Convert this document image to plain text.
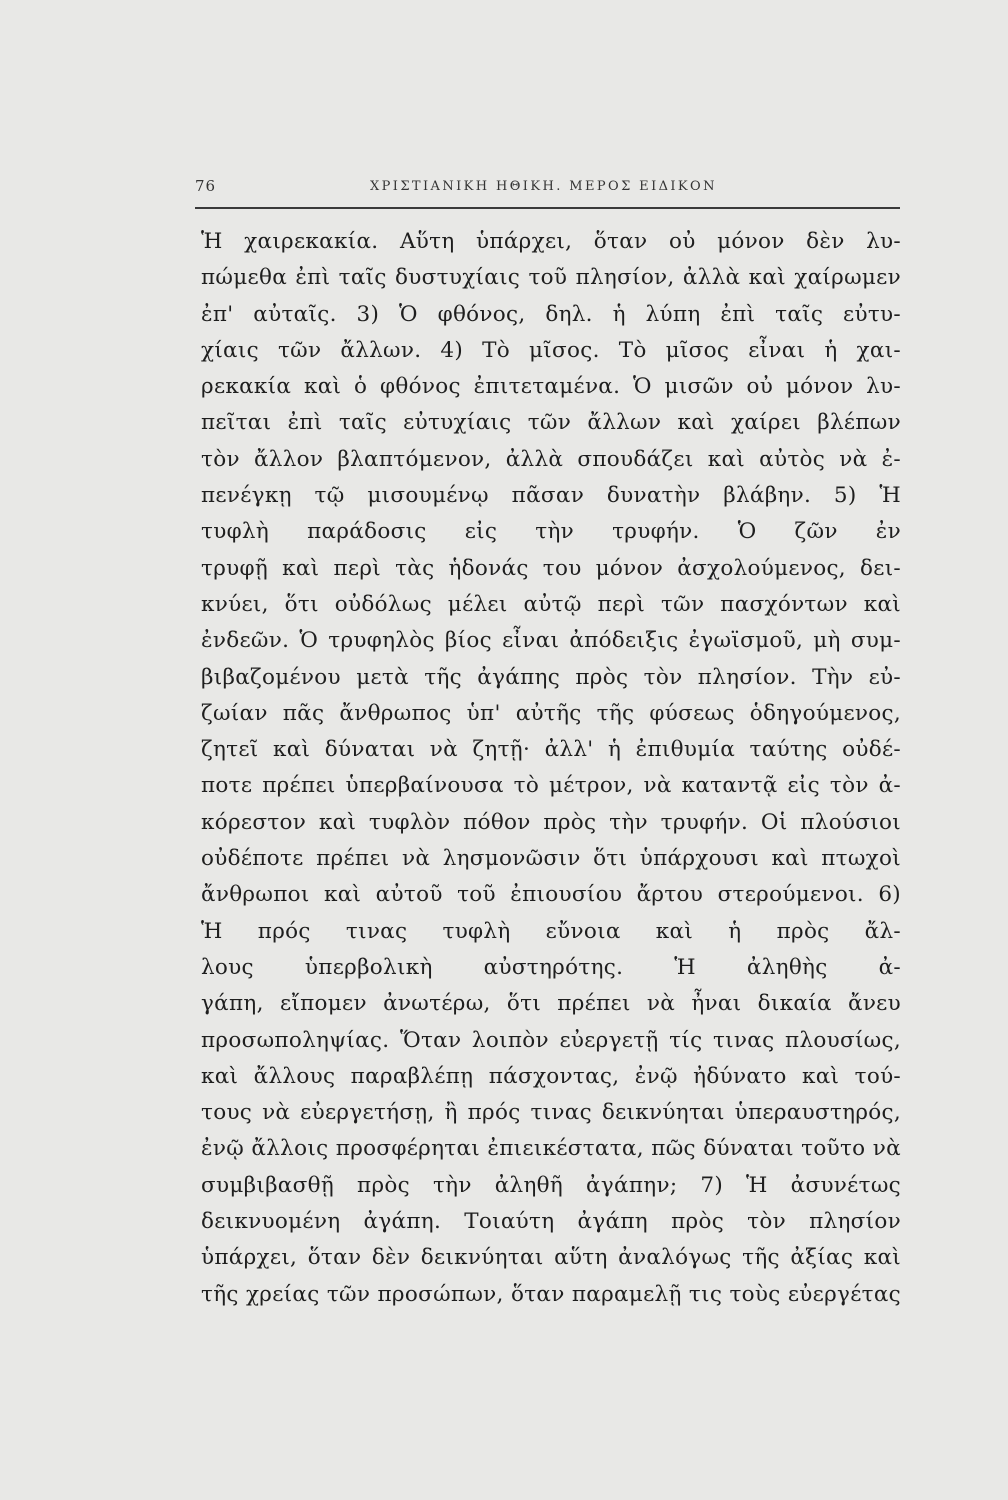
76	ΧΡΙΣΤΙΑΝΙΚΗ ΗΘΙΚΗ. ΜΕΡΟΣ ΕΙΔΙΚΟΝ
Ἡ χαιρεκακία. Αὕτη ὑπάρχει, ὅταν οὐ μόνον δὲν λυ-
πώμεθα ἐπὶ ταῖς δυστυχίαις τοῦ πλησίον, ἀλλὰ καὶ χαίρωμεν
ἐπ' αὐταῖς. 3) Ὁ φθόνος, δηλ. ἡ λύπη ἐπὶ ταῖς εὐτυ-
χίαις τῶν ἄλλων. 4) Τὸ μῖσος. Τὸ μῖσος εἶναι ἡ χαι-
ρεκακία καὶ ὁ φθόνος ἐπιτεταμένα. Ὁ μισῶν οὐ μόνον λυ-
πεῖται ἐπὶ ταῖς εὐτυχίαις τῶν ἄλλων καὶ χαίρει βλέπων
τὸν ἄλλον βλαπτόμενον, ἀλλὰ σπουδάζει καὶ αὐτὸς νὰ ἐ-
πενέγκῃ τῷ μισουμένῳ πᾶσαν δυνατὴν βλάβην. 5) Ἡ
τυφλὴ παράδοσις εἰς τὴν τρυφήν. Ὁ ζῶν ἐν
τρυφῇ καὶ περὶ τὰς ἡδονάς του μόνον ἀσχολούμενος, δει-
κνύει, ὅτι οὐδόλως μέλει αὐτῷ περὶ τῶν πασχόντων καὶ
ἐνδεῶν. Ὁ τρυφηλὸς βίος εἶναι ἀπόδειξις ἐγωϊσμοῦ, μὴ συμ-
βιβαζομένου μετὰ τῆς ἀγάπης πρὸς τὸν πλησίον. Τὴν εὐ-
ζωίαν πᾶς ἄνθρωπος ὑπ' αὐτῆς τῆς φύσεως ὁδηγούμενος,
ζητεῖ καὶ δύναται νὰ ζητῇ· ἀλλ' ἡ ἐπιθυμία ταύτης οὐδέ-
ποτε πρέπει ὑπερβαίνουσα τὸ μέτρον, νὰ καταντᾷ εἰς τὸν ἀ-
κόρεστον καὶ τυφλὸν πόθον πρὸς τὴν τρυφήν. Οἱ πλούσιοι
οὐδέποτε πρέπει νὰ λησμονῶσιν ὅτι ὑπάρχουσι καὶ πτωχοὶ
ἄνθρωποι καὶ αὐτοῦ τοῦ ἐπιουσίου ἄρτου στερούμενοι. 6)
Ἡ πρός τινας τυφλὴ εὔνοια καὶ ἡ πρὸς ἄλ-
λους ὑπερβολικὴ αὐστηρότης. Ἡ ἀληθὴς ἀ-
γάπη, εἴπομεν ἀνωτέρω, ὅτι πρέπει νὰ ἦναι δικαία ἄνευ
προσωποληψίας. Ὅταν λοιπὸν εὐεργετῇ τίς τινας πλουσίως,
καὶ ἄλλους παραβλέπῃ πάσχοντας, ἐνῷ ἠδύνατο καὶ τού-
τους νὰ εὐεργετήσῃ, ἢ πρός τινας δεικνύηται ὑπεραυστηρός,
ἐνῷ ἄλλοις προσφέρηται ἐπιεικέστατα, πῶς δύναται τοῦτο νὰ
συμβιβασθῇ πρὸς τὴν ἀληθῆ ἀγάπην; 7) Ἡ ἀσυνέτως
δεικνυομένη ἀγάπη. Τοιαύτη ἀγάπη πρὸς τὸν πλησίον
ὑπάρχει, ὅταν δὲν δεικνύηται αὕτη ἀναλόγως τῆς ἀξίας καὶ
τῆς χρείας τῶν προσώπων, ὅταν παραμελῇ τις τοὺς εὐεργέτας
